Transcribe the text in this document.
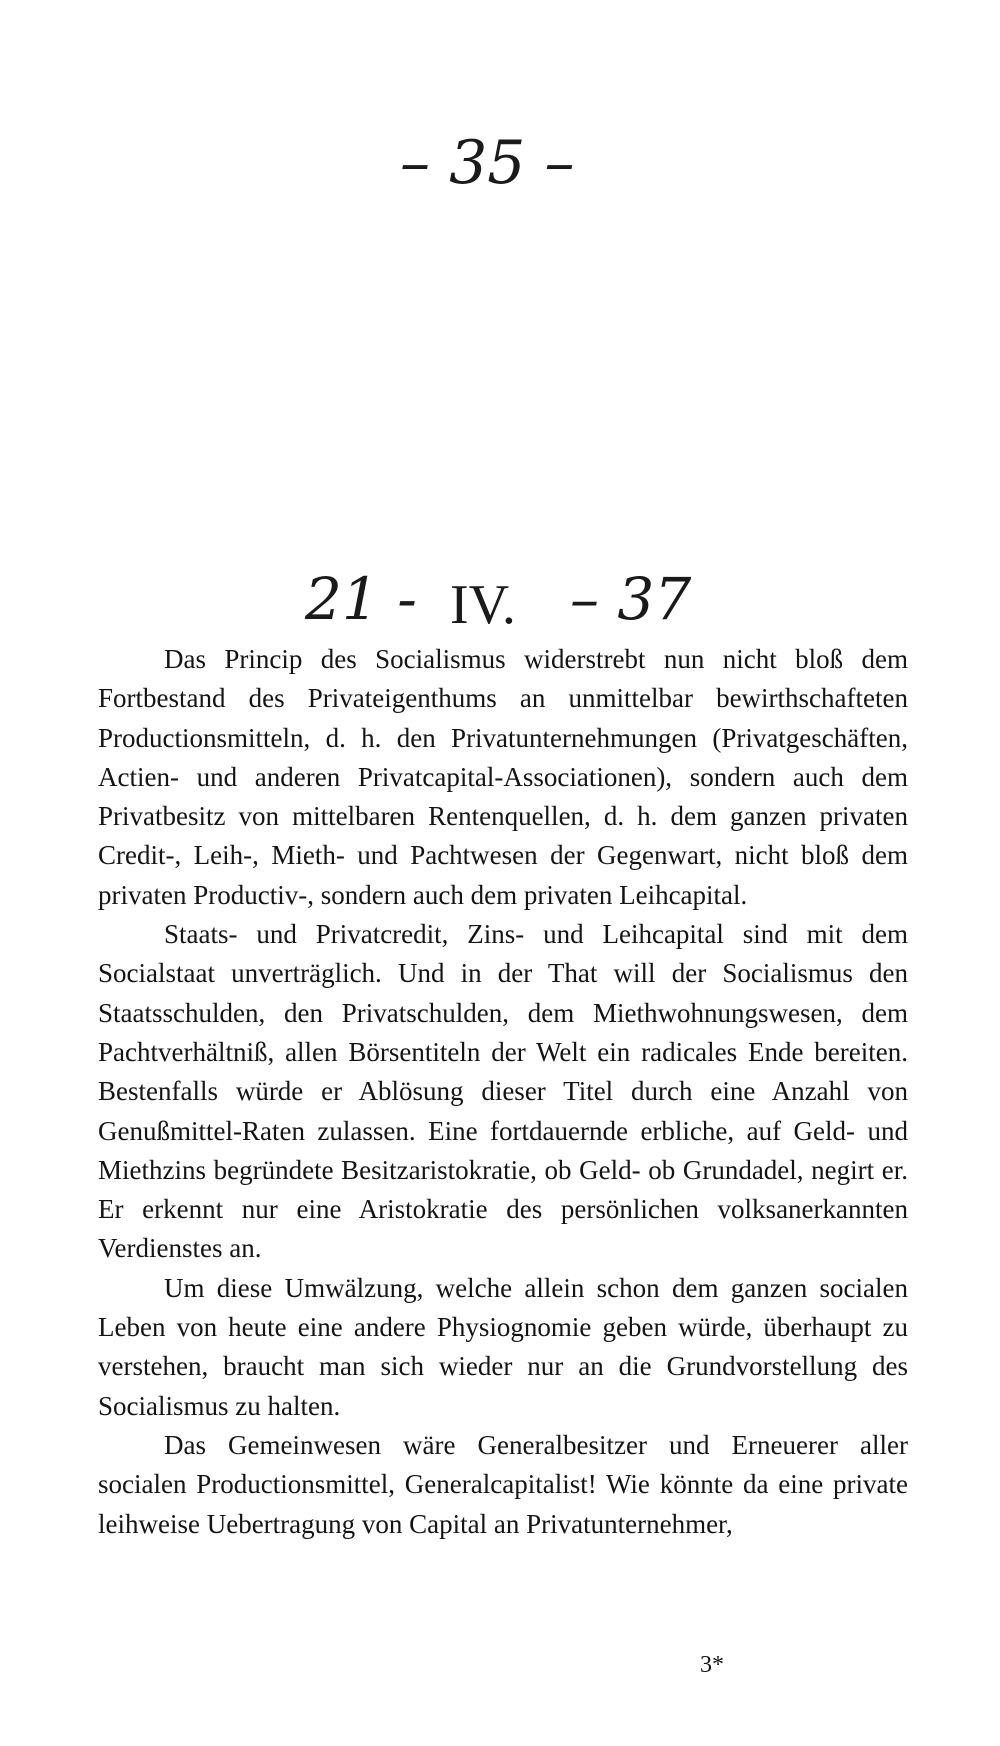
– 35 –

21 - IV. – 37

Das Princip des Socialismus widerstrebt nun nicht bloß dem Fortbestand des Privateigenthums an unmittelbar bewirthschafteten Productionsmitteln, d. h. den Privatunternehmungen (Privatgeschäften, Actien- und anderen Privatcapital-Associationen), sondern auch dem Privatbesitz von mittelbaren Rentenquellen, d. h. dem ganzen privaten Credit-, Leih-, Mieth- und Pachtwesen der Gegenwart, nicht bloß dem privaten Productiv-, sondern auch dem privaten Leihcapital.

Staats- und Privatcredit, Zins- und Leihcapital sind mit dem Socialstaat unverträglich. Und in der That will der Socialismus den Staatsschulden, den Privatschulden, dem Miethwohnungswesen, dem Pachtverhältniß, allen Börsentiteln der Welt ein radicales Ende bereiten. Bestenfalls würde er Ablösung dieser Titel durch eine Anzahl von Genußmittel-Raten zulassen. Eine fortdauernde erbliche, auf Geld- und Miethzins begründete Besitzaristokratie, ob Geld- ob Grundadel, negirt er. Er erkennt nur eine Aristokratie des persönlichen volksanerkannten Verdienstes an.

Um diese Umwälzung, welche allein schon dem ganzen socialen Leben von heute eine andere Physiognomie geben würde, überhaupt zu verstehen, braucht man sich wieder nur an die Grundvorstellung des Socialismus zu halten.

Das Gemeinwesen wäre Generalbesitzer und Erneuerer aller socialen Productionsmittel, Generalcapitalist! Wie könnte da eine private leihweise Uebertragung von Capital an Privatunternehmer,

3*
